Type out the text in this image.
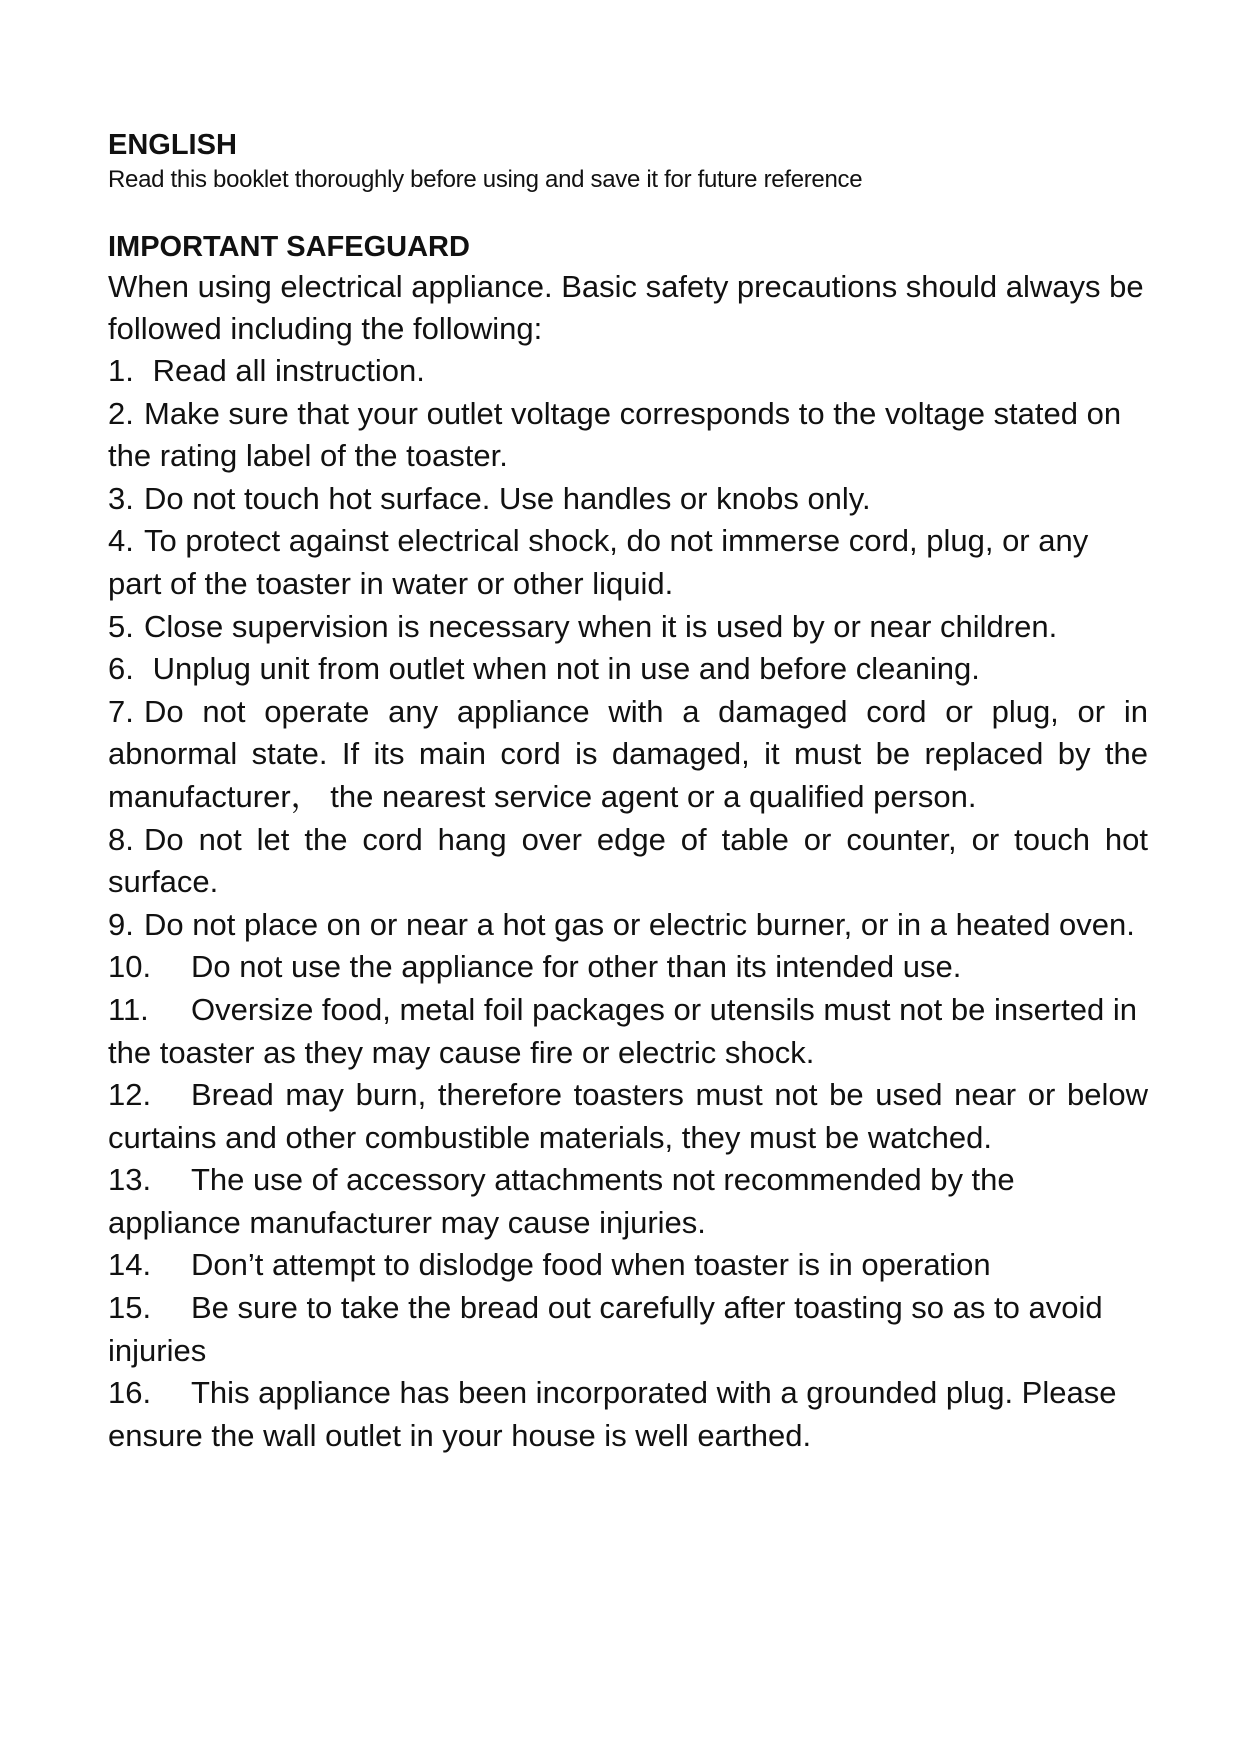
ENGLISH

Read this booklet thoroughly before using and save it for future reference

IMPORTANT SAFEGUARD

When using electrical appliance. Basic safety precautions should always be followed including the following:

1. Read all instruction.
2. Make sure that your outlet voltage corresponds to the voltage stated on the rating label of the toaster.
3. Do not touch hot surface. Use handles or knobs only.
4. To protect against electrical shock, do not immerse cord, plug, or any part of the toaster in water or other liquid.
5. Close supervision is necessary when it is used by or near children.
6. Unplug unit from outlet when not in use and before cleaning.
7. Do not operate any appliance with a damaged cord or plug, or in abnormal state. If its main cord is damaged, it must be replaced by the manufacturer， the nearest service agent or a qualified person.
8. Do not let the cord hang over edge of table or counter, or touch hot surface.
9. Do not place on or near a hot gas or electric burner, or in a heated oven.
10. Do not use the appliance for other than its intended use.
11. Oversize food, metal foil packages or utensils must not be inserted in the toaster as they may cause fire or electric shock.
12. Bread may burn, therefore toasters must not be used near or below curtains and other combustible materials, they must be watched.
13. The use of accessory attachments not recommended by the appliance manufacturer may cause injuries.
14. Don’t attempt to dislodge food when toaster is in operation
15. Be sure to take the bread out carefully after toasting so as to avoid injuries
16. This appliance has been incorporated with a grounded plug. Please ensure the wall outlet in your house is well earthed.
